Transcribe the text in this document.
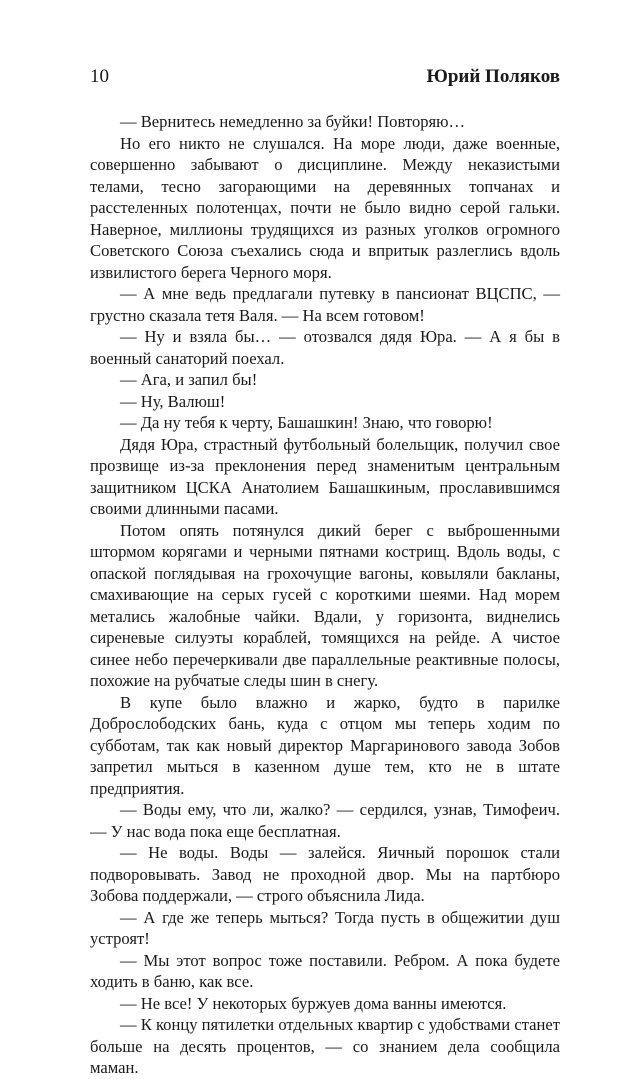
10	Юрий Поляков

— Вернитесь немедленно за буйки! Повторяю…

Но его никто не слушался. На море люди, даже военные, совершенно забывают о дисциплине. Между неказистыми телами, тесно загорающими на деревянных топчанах и расстеленных полотенцах, почти не было видно серой гальки. Наверное, миллионы трудящихся из разных уголков огромного Советского Союза съехались сюда и впритык разлеглись вдоль извилистого берега Черного моря.

— А мне ведь предлагали путевку в пансионат ВЦСПС, — грустно сказала тетя Валя. — На всем готовом!

— Ну и взяла бы… — отозвался дядя Юра. — А я бы в военный санаторий поехал.

— Ага, и запил бы!

— Ну, Валюш!

— Да ну тебя к черту, Башашкин! Знаю, что говорю!

Дядя Юра, страстный футбольный болельщик, получил свое прозвище из-за преклонения перед знаменитым центральным защитником ЦСКА Анатолием Башашкиным, прославившимся своими длинными пасами.

Потом опять потянулся дикий берег с выброшенными штормом корягами и черными пятнами кострищ. Вдоль воды, с опаской поглядывая на грохочущие вагоны, ковыляли бакланы, смахивающие на серых гусей с короткими шеями. Над морем метались жалобные чайки. Вдали, у горизонта, виднелись сиреневые силуэты кораблей, томящихся на рейде. А чистое синее небо перечеркивали две параллельные реактивные полосы, похожие на рубчатые следы шин в снегу.

В купе было влажно и жарко, будто в парилке Доброслободских бань, куда с отцом мы теперь ходим по субботам, так как новый директор Маргаринового завода Зобов запретил мыться в казенном душе тем, кто не в штате предприятия.

— Воды ему, что ли, жалко? — сердился, узнав, Тимофеич. — У нас вода пока еще бесплатная.

— Не воды. Воды — залейся. Яичный порошок стали подворовывать. Завод не проходной двор. Мы на партбюро Зобова поддержали, — строго объяснила Лида.

— А где же теперь мыться? Тогда пусть в общежитии душ устроят!

— Мы этот вопрос тоже поставили. Ребром. А пока будете ходить в баню, как все.

— Не все! У некоторых буржуев дома ванны имеются.

— К концу пятилетки отдельных квартир с удобствами станет больше на десять процентов, — со знанием дела сообщила маман.
